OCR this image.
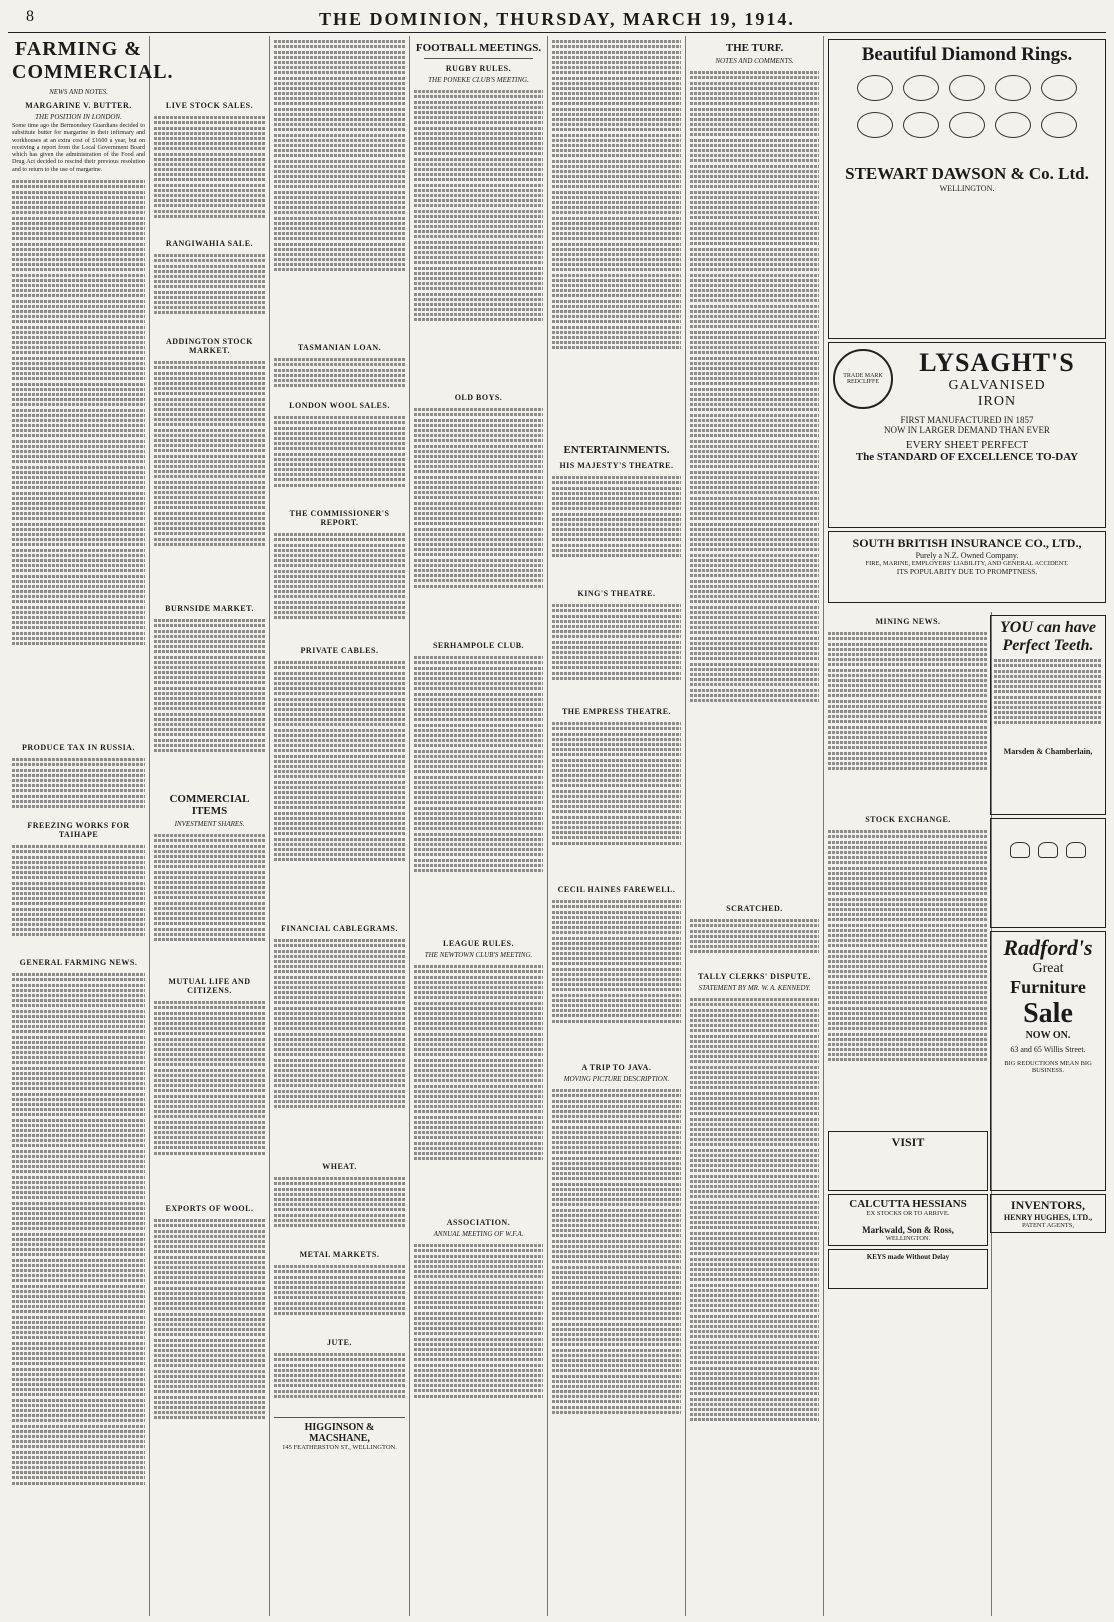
8	THE DOMINION, THURSDAY, MARCH 19, 1914.
FARMING & COMMERCIAL.
NEWS AND NOTES.
MARGARINE V. BUTTER.
THE POSITION IN LONDON.

Some time ago the Bermondsey Guardians decided to substitute butter for margarine in their infirmary and workhouses at an extra cost of £1600 a year, but on receiving a report from the Local Government Board which has given the administration of the Food and Drug Act decided to rescind their previous resolution and to return to the use of margarine.

PRODUCE TAX IN RUSSIA.
FREEZING WORKS FOR TAIHAPE
GENERAL FARMING NEWS.
LIVE STOCK SALES.
RANGIWAHIA SALE.
ADDINGTON STOCK MARKET.
BURNSIDE MARKET.
COMMERCIAL ITEMS
INVESTMENT SHARES.
MUTUAL LIFE AND CITIZENS.
EXPORTS OF WOOL.
TASMANIAN LOAN.
LONDON WOOL SALES.
THE COMMISSIONER'S REPORT.
PRIVATE CABLES.
FINANCIAL CABLEGRAMS.
WHEAT.
METAL MARKETS.
JUTE.
HIGGINSON & MACSHANE,
145 FEATHERSTON ST., WELLINGTON.
FOOTBALL MEETINGS.
RUGBY RULES.
THE PONEKE CLUB'S MEETING.
OLD BOYS.
SERHAMPOLE CLUB.
LEAGUE RULES.
THE NEWTOWN CLUB'S MEETING.
ASSOCIATION.
ANNUAL MEETING OF W.F.A.
ENTERTAINMENTS.
HIS MAJESTY'S THEATRE.
KING'S THEATRE.
THE EMPRESS THEATRE.
CECIL HAINES FAREWELL.
A TRIP TO JAVA.
MOVING PICTURE DESCRIPTION.
THE TURF.
NOTES AND COMMENTS.
SCRATCHED.
TALLY CLERKS' DISPUTE.
STATEMENT BY MR. W. A. KENNEDY.
Beautiful Diamond Rings.

STEWART DAWSON & Co. Ltd.
WELLINGTON.
TRADE MARK REDCLIFFE
LYSAGHT'S
GALVANISED
IRON
FIRST MANUFACTURED IN 1857
NOW IN LARGER DEMAND THAN EVER
EVERY SHEET PERFECT
The STANDARD OF EXCELLENCE TO-DAY
SOUTH BRITISH INSURANCE CO., LTD.,
Purely a N.Z. Owned Company.
FIRE, MARINE, EMPLOYERS' LIABILITY, AND GENERAL ACCIDENT.
ITS POPULARITY DUE TO PROMPTNESS.
MINING NEWS.
STOCK EXCHANGE.
VISIT
CALCUTTA HESSIANS
EX STOCKS OR TO ARRIVE.
Markwald, Son & Ross,
WELLINGTON.
KEYS made Without Delay
YOU can have Perfect Teeth.
Marsden & Chamberlain,

Radford's
Great
Furniture
Sale
NOW ON.
63 and 65 Willis Street.
BIG REDUCTIONS MEAN BIG BUSINESS.
INVENTORS,
HENRY HUGHES, LTD.,
PATENT AGENTS,
